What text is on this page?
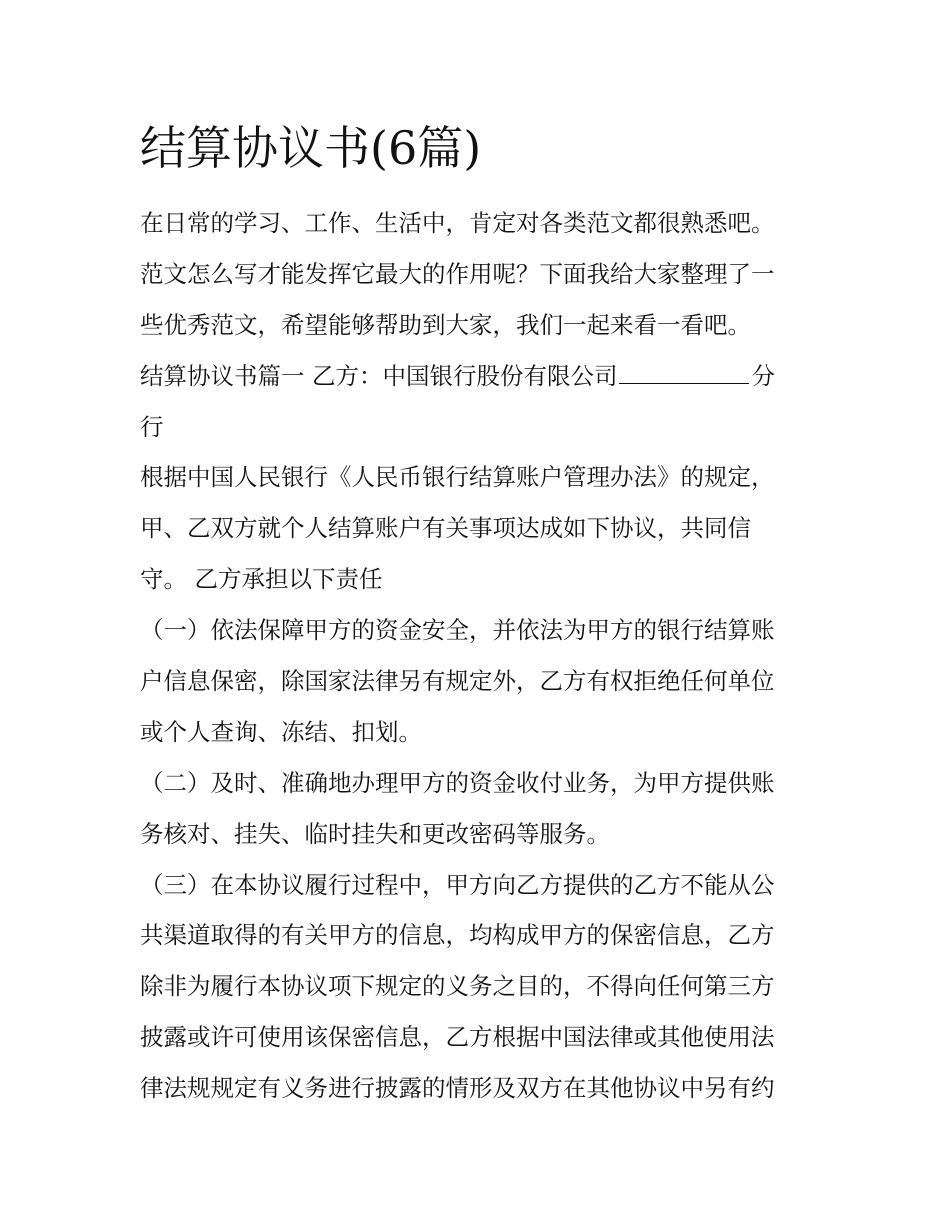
结算协议书(6篇)
在日常的学习、工作、生活中，肯定对各类范文都很熟悉吧。
范文怎么写才能发挥它最大的作用呢？下面我给大家整理了一
些优秀范文，希望能够帮助到大家，我们一起来看一看吧。
结算协议书篇一 乙方：中国银行股份有限公司	分
行
根据中国人民银行《人民币银行结算账户管理办法》的规定，
甲、乙双方就个人结算账户有关事项达成如下协议，共同信
守。 乙方承担以下责任
（一）依法保障甲方的资金安全，并依法为甲方的银行结算账
户信息保密，除国家法律另有规定外，乙方有权拒绝任何单位
或个人查询、冻结、扣划。
（二）及时、准确地办理甲方的资金收付业务，为甲方提供账
务核对、挂失、临时挂失和更改密码等服务。
（三）在本协议履行过程中，甲方向乙方提供的乙方不能从公
共渠道取得的有关甲方的信息，均构成甲方的保密信息，乙方
除非为履行本协议项下规定的义务之目的，不得向任何第三方
披露或许可使用该保密信息，乙方根据中国法律或其他使用法
律法规规定有义务进行披露的情形及双方在其他协议中另有约
